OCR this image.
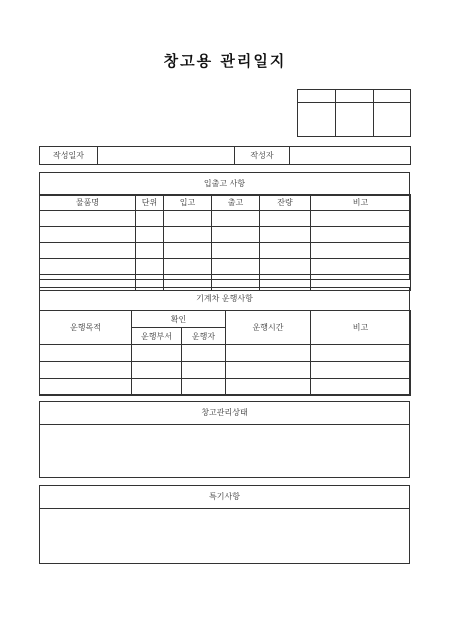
창고용 관리일지

작성일자		작성자	
입출고 사항
물품명	단위	입고	출고	잔량	비고

기계차 운행사항
운행목적	확인		운행시간	비고
	운행부서	운행자		

창고관리상태
특기사항
